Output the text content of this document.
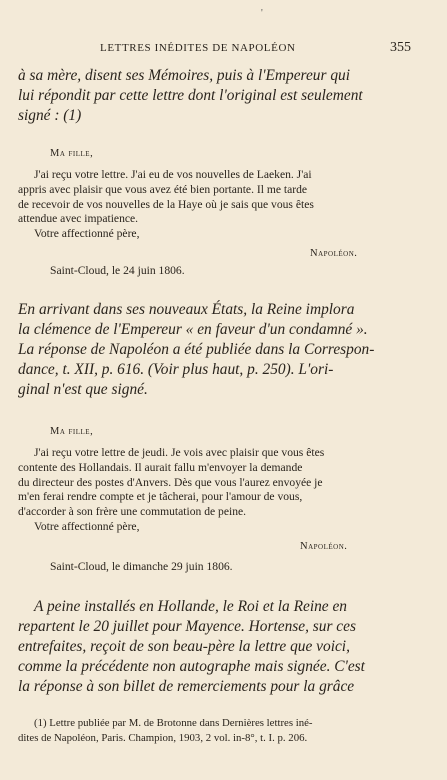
'
LETTRES INÉDITES DE NAPOLÉON	355
à sa mère, disent ses Mémoires, puis à l'Empereur qui
lui répondit par cette lettre dont l'original est seulement
signé : (1)
Ma fille,
J'ai reçu votre lettre. J'ai eu de vos nouvelles de Laeken. J'ai
appris avec plaisir que vous avez été bien portante. Il me tarde
de recevoir de vos nouvelles de la Haye où je sais que vous êtes
attendue avec impatience.
Votre affectionné père,
Napoléon.
Saint-Cloud, le 24 juin 1806.
En arrivant dans ses nouveaux États, la Reine implora
la clémence de l'Empereur « en faveur d'un condamné ».
La réponse de Napoléon a été publiée dans la Correspon-
dance, t. XII, p. 616. (Voir plus haut, p. 250). L'ori-
ginal n'est que signé.
Ma fille,
J'ai reçu votre lettre de jeudi. Je vois avec plaisir que vous êtes
contente des Hollandais. Il aurait fallu m'envoyer la demande
du directeur des postes d'Anvers. Dès que vous l'aurez envoyée je
m'en ferai rendre compte et je tâcherai, pour l'amour de vous,
d'accorder à son frère une commutation de peine.
Votre affectionné père,
Napoléon.
Saint-Cloud, le dimanche 29 juin 1806.
A peine installés en Hollande, le Roi et la Reine en
repartent le 20 juillet pour Mayence. Hortense, sur ces
entrefaites, reçoit de son beau-père la lettre que voici,
comme la précédente non autographe mais signée. C'est
la réponse à son billet de remerciements pour la grâce
(1) Lettre publiée par M. de Brotonne dans Dernières lettres iné-
dites de Napoléon, Paris. Champion, 1903, 2 vol. in-8°, t. I. p. 206.
